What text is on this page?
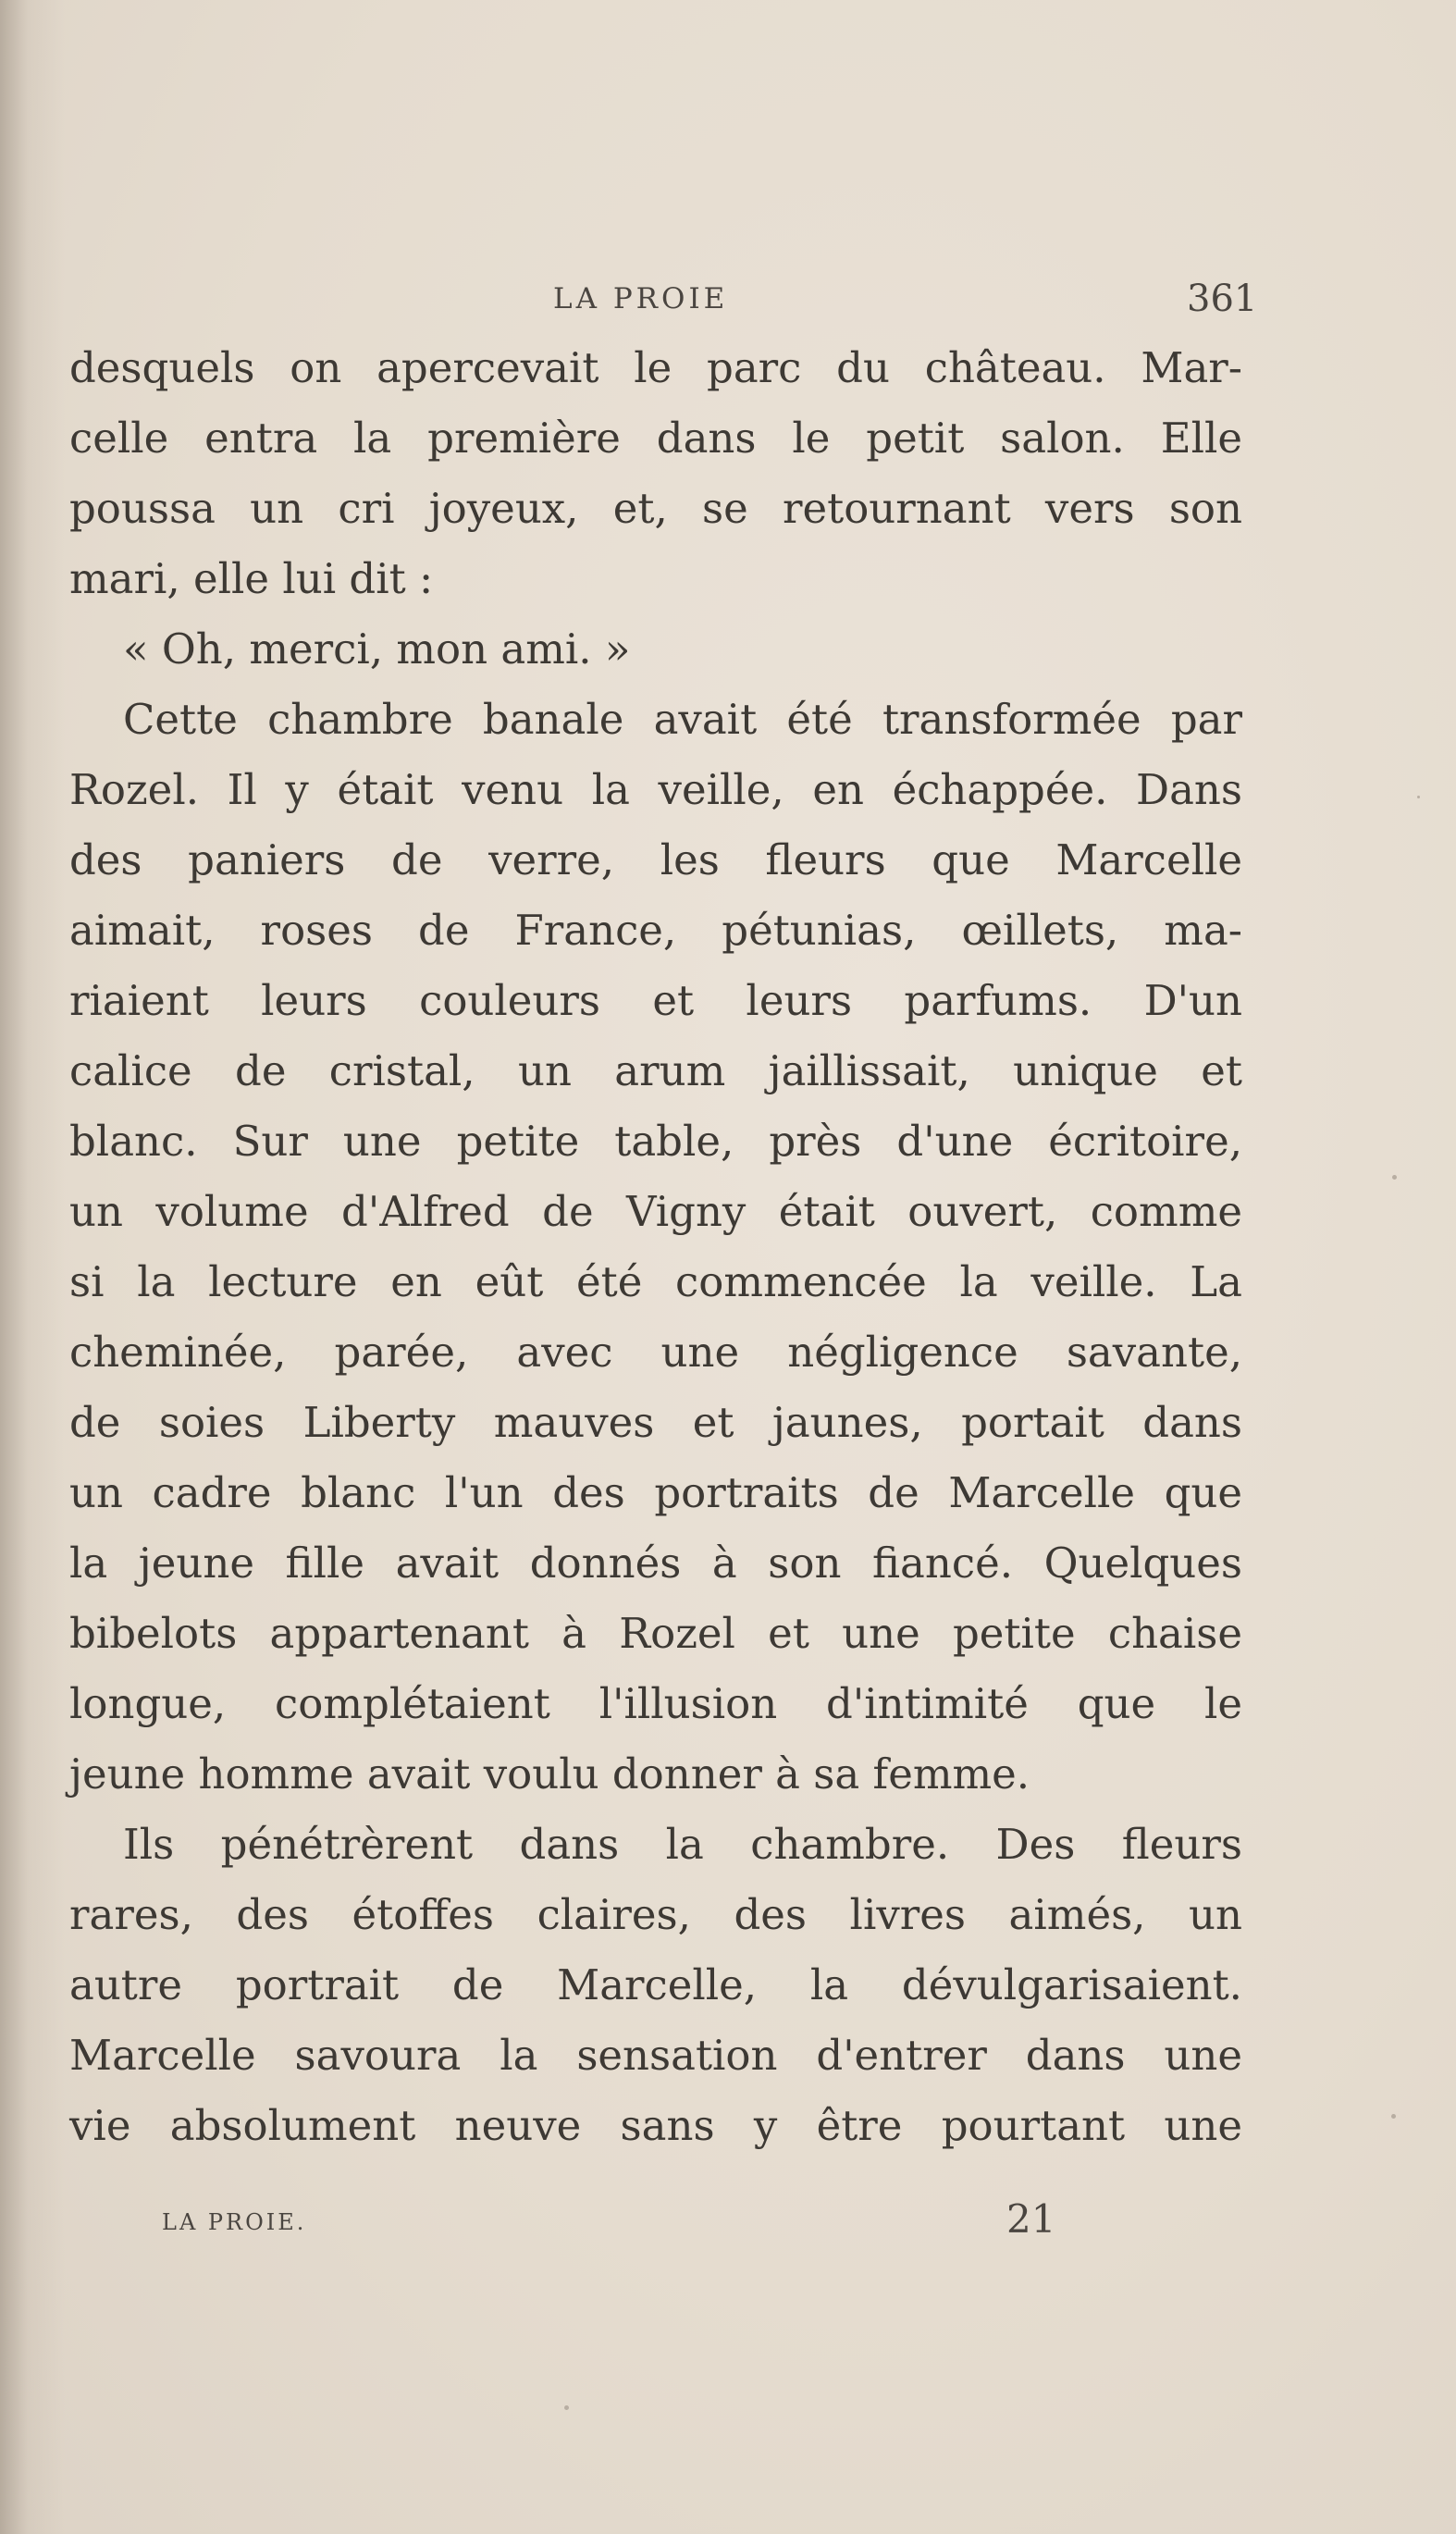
LA PROIE	361
desquels on apercevait le parc du château. Mar-
celle entra la première dans le petit salon. Elle
poussa un cri joyeux, et, se retournant vers son
mari, elle lui dit :
« Oh, merci, mon ami. »
Cette chambre banale avait été transformée par
Rozel. Il y était venu la veille, en échappée. Dans
des paniers de verre, les fleurs que Marcelle
aimait, roses de France, pétunias, œillets, ma-
riaient leurs couleurs et leurs parfums. D'un
calice de cristal, un arum jaillissait, unique et
blanc. Sur une petite table, près d'une écritoire,
un volume d'Alfred de Vigny était ouvert, comme
si la lecture en eût été commencée la veille. La
cheminée, parée, avec une négligence savante,
de soies Liberty mauves et jaunes, portait dans
un cadre blanc l'un des portraits de Marcelle que
la jeune fille avait donnés à son fiancé. Quelques
bibelots appartenant à Rozel et une petite chaise
longue, complétaient l'illusion d'intimité que le
jeune homme avait voulu donner à sa femme.
Ils pénétrèrent dans la chambre. Des fleurs
rares, des étoffes claires, des livres aimés, un
autre portrait de Marcelle, la dévulgarisaient.
Marcelle savoura la sensation d'entrer dans une
vie absolument neuve sans y être pourtant une
LA PROIE.	21
